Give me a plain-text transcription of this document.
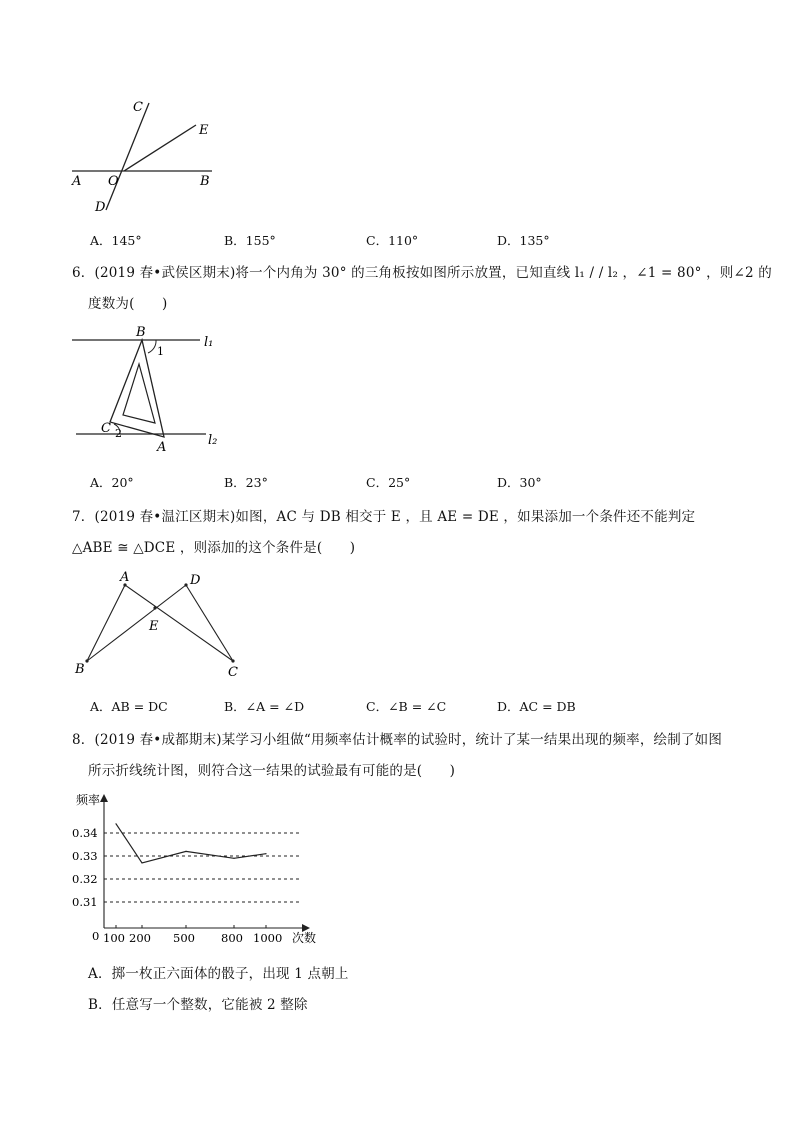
C
E
A O	B
D
A．145°	B．155°	C．110°	D．135°
6．(2019 春•武侯区期末)将一个内角为 30° 的三角板按如图所示放置，已知直线 l₁ / / l₂ ，∠1 = 80° ，则∠2 的
度数为(　　)
B
l₁
1
C 2
A	l₂
A．20°	B．23°	C．25°	D．30°
7．(2019 春•温江区期末)如图，AC 与 DB 相交于 E ，且 AE = DE ，如果添加一个条件还不能判定
△ABE ≅ △DCE ，则添加的这个条件是(　　)
A	D
E
B	C
A．AB = DC	B．∠A = ∠D	C．∠B = ∠C	D．AC = DB
8．(2019 春•成都期末)某学习小组做“用频率估计概率的试验时，统计了某一结果出现的频率，绘制了如图
所示折线统计图，则符合这一结果的试验最有可能的是(　　)
频率
次数
0
0.34
0.33
0.32
0.31
100 200 500 800 1000
A．掷一枚正六面体的骰子，出现 1 点朝上
B．任意写一个整数，它能被 2 整除
